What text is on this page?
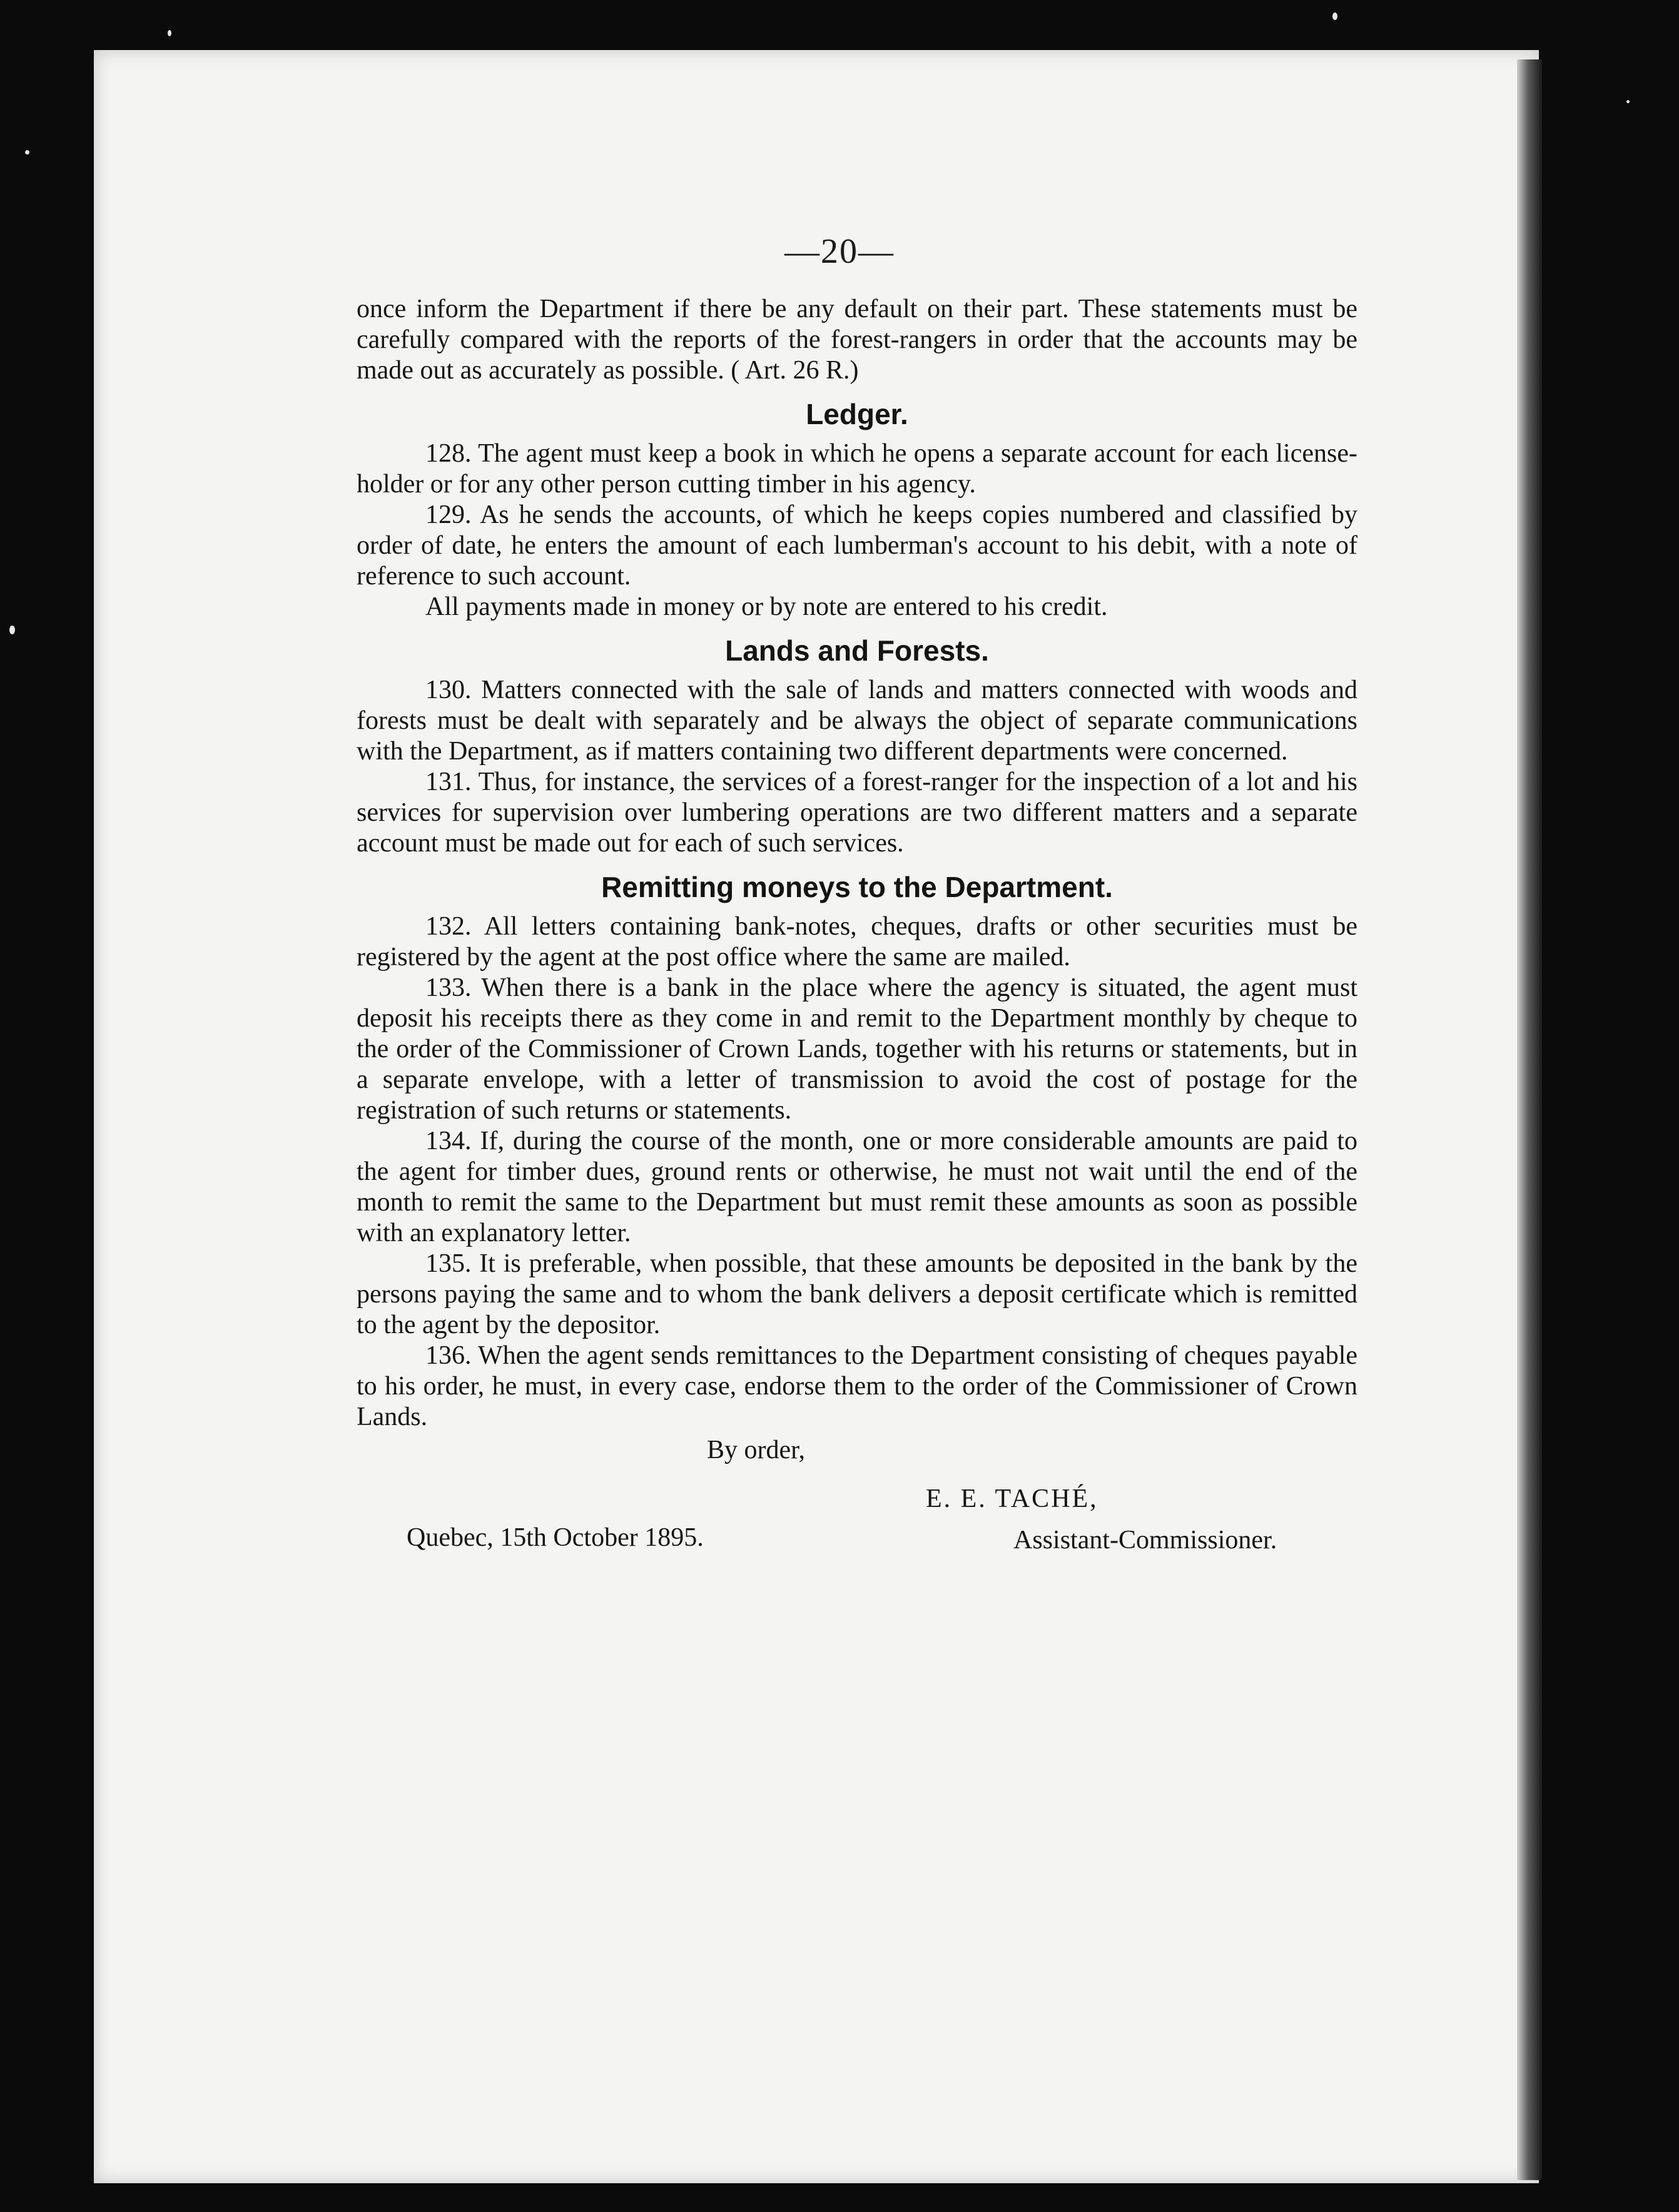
—20—

once inform the Department if there be any default on their part. These statements must be carefully compared with the reports of the forest-rangers in order that the accounts may be made out as accurately as possible. ( Art. 26 R.)

Ledger.

128. The agent must keep a book in which he opens a separate account for each license-holder or for any other person cutting timber in his agency.

129. As he sends the accounts, of which he keeps copies numbered and classified by order of date, he enters the amount of each lumberman's account to his debit, with a note of reference to such account.

All payments made in money or by note are entered to his credit.

Lands and Forests.

130. Matters connected with the sale of lands and matters connected with woods and forests must be dealt with separately and be always the object of separate communications with the Department, as if matters containing two different departments were concerned.

131. Thus, for instance, the services of a forest-ranger for the inspection of a lot and his services for supervision over lumbering operations are two different matters and a separate account must be made out for each of such services.

Remitting moneys to the Department.

132. All letters containing bank-notes, cheques, drafts or other securities must be registered by the agent at the post office where the same are mailed.

133. When there is a bank in the place where the agency is situated, the agent must deposit his receipts there as they come in and remit to the Department monthly by cheque to the order of the Commissioner of Crown Lands, together with his returns or statements, but in a separate envelope, with a letter of transmission to avoid the cost of postage for the registration of such returns or statements.

134. If, during the course of the month, one or more considerable amounts are paid to the agent for timber dues, ground rents or otherwise, he must not wait until the end of the month to remit the same to the Department but must remit these amounts as soon as possible with an explanatory letter.

135. It is preferable, when possible, that these amounts be deposited in the bank by the persons paying the same and to whom the bank delivers a deposit certificate which is remitted to the agent by the depositor.

136. When the agent sends remittances to the Department consisting of cheques payable to his order, he must, in every case, endorse them to the order of the Commissioner of Crown Lands.

By order,
E. E. TACHÉ,
Quebec, 15th October 1895.	Assistant-Commissioner.
